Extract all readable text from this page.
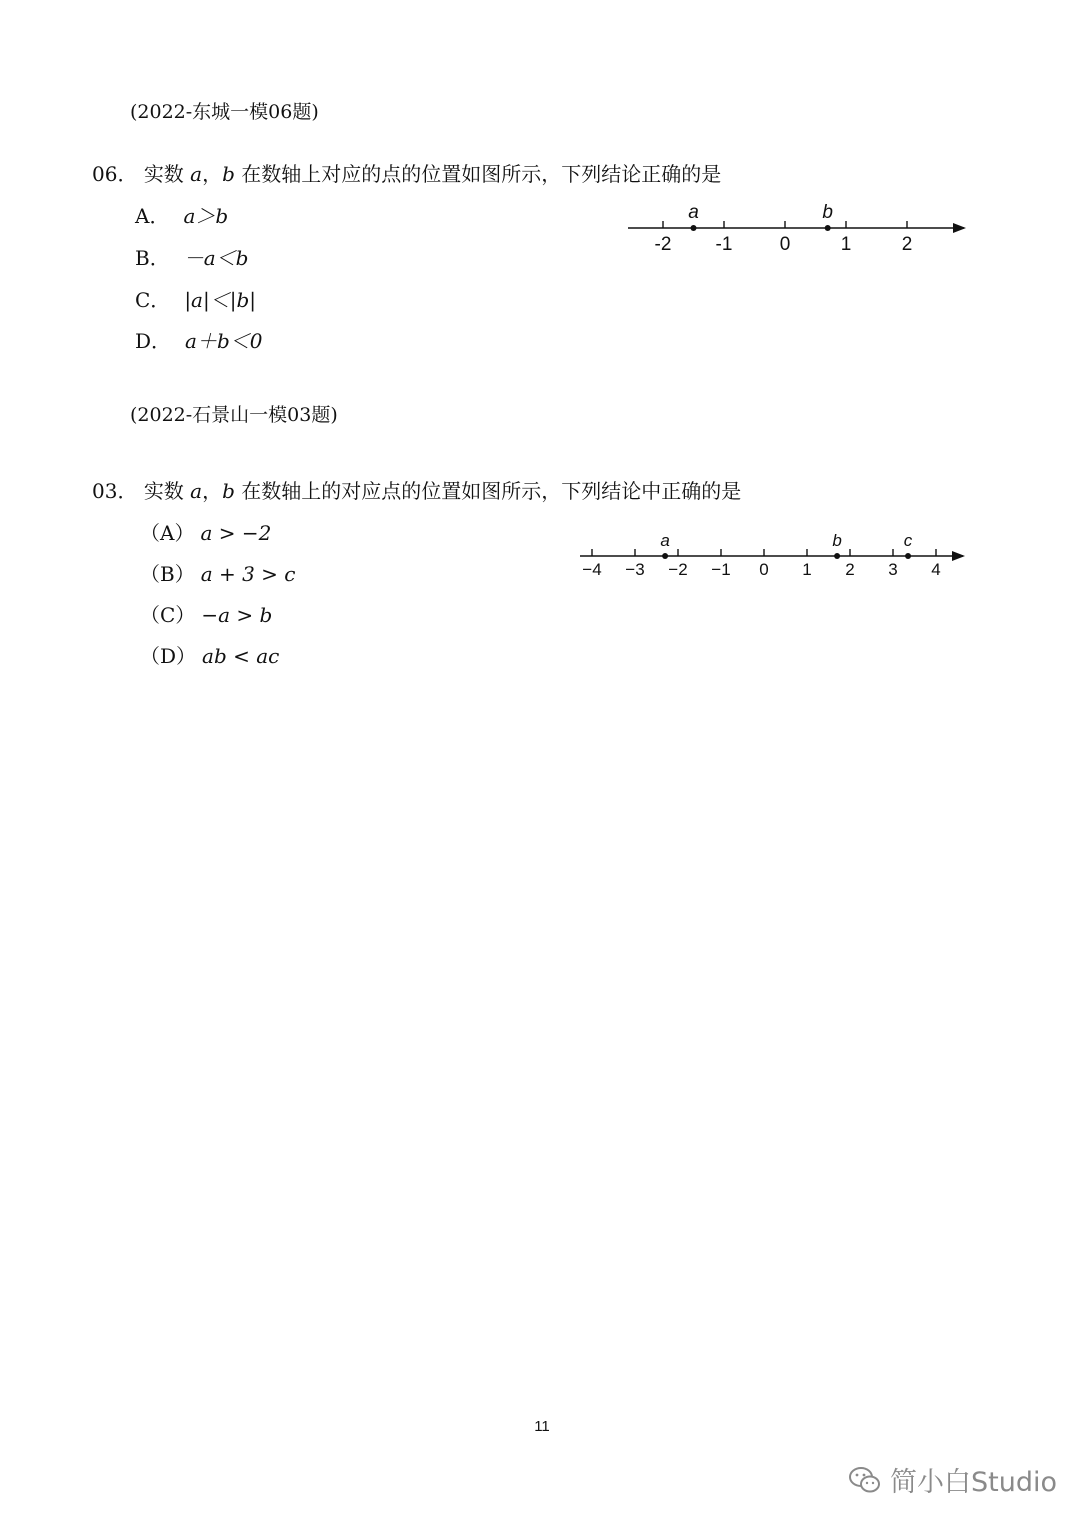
(2022-东城一模06题)
06． 实数 a，b 在数轴上对应的点的位置如图所示，下列结论正确的是
A． a＞b
B． －a＜b
C． |a|＜|b|
D． a＋b＜0
-2 -1 0	1	2
a	b
(2022-石景山一模03题)
03． 实数 a，b 在数轴上的对应点的位置如图所示，下列结论中正确的是
（A） a > −2
（B） a + 3 > c
（C） −a > b
（D） ab < ac
−4 −3 −2 −1 0 1 2 3 4
a	b	c
11
简小白Studio
